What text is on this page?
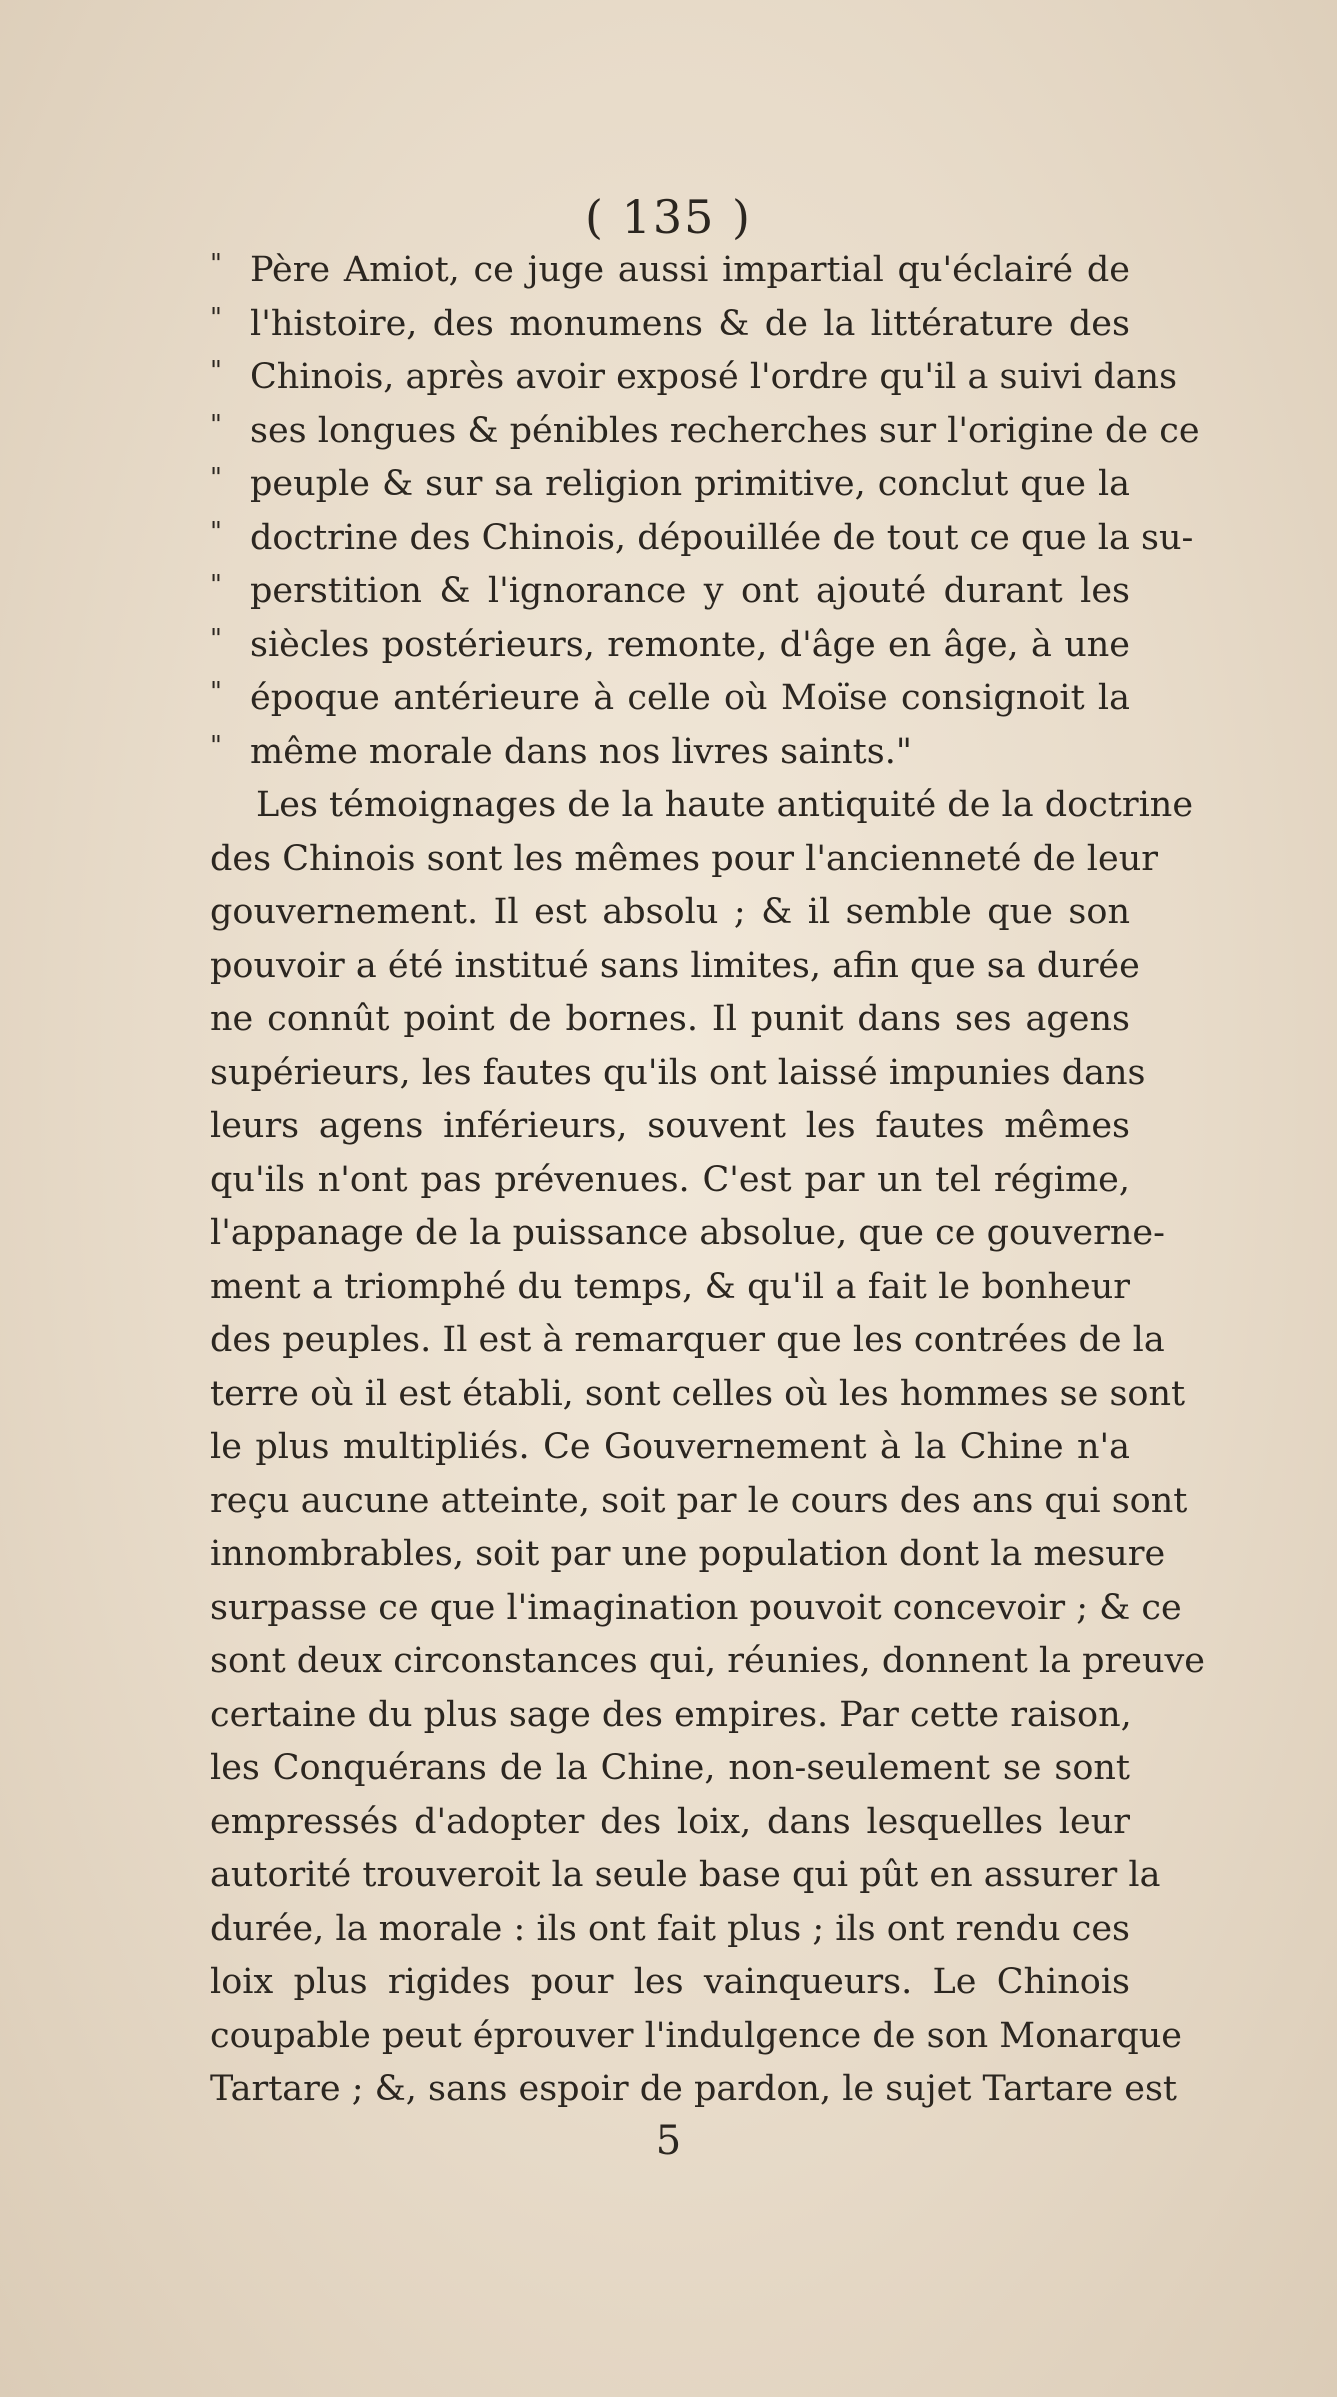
( 135 )
" Père Amiot, ce juge aussi impartial qu'éclairé de
" l'histoire, des monumens & de la littérature des
" Chinois, après avoir exposé l'ordre qu'il a suivi dans
" ses longues & pénibles recherches sur l'origine de ce
" peuple & sur sa religion primitive, conclut que la
" doctrine des Chinois, dépouillée de tout ce que la su-
" perstition & l'ignorance y ont ajouté durant les
" siècles postérieurs, remonte, d'âge en âge, à une
" époque antérieure à celle où Moïse consignoit la
" même morale dans nos livres saints."
Les témoignages de la haute antiquité de la doctrine
des Chinois sont les mêmes pour l'ancienneté de leur
gouvernement. Il est absolu ; & il semble que son
pouvoir a été institué sans limites, afin que sa durée
ne connût point de bornes. Il punit dans ses agens
supérieurs, les fautes qu'ils ont laissé impunies dans
leurs agens inférieurs, souvent les fautes mêmes
qu'ils n'ont pas prévenues. C'est par un tel régime,
l'appanage de la puissance absolue, que ce gouverne-
ment a triomphé du temps, & qu'il a fait le bonheur
des peuples. Il est à remarquer que les contrées de la
terre où il est établi, sont celles où les hommes se sont
le plus multipliés. Ce Gouvernement à la Chine n'a
reçu aucune atteinte, soit par le cours des ans qui sont
innombrables, soit par une population dont la mesure
surpasse ce que l'imagination pouvoit concevoir ; & ce
sont deux circonstances qui, réunies, donnent la preuve
certaine du plus sage des empires. Par cette raison,
les Conquérans de la Chine, non-seulement se sont
empressés d'adopter des loix, dans lesquelles leur
autorité trouveroit la seule base qui pût en assurer la
durée, la morale : ils ont fait plus ; ils ont rendu ces
loix plus rigides pour les vainqueurs. Le Chinois
coupable peut éprouver l'indulgence de son Monarque
Tartare ; &, sans espoir de pardon, le sujet Tartare est
5
